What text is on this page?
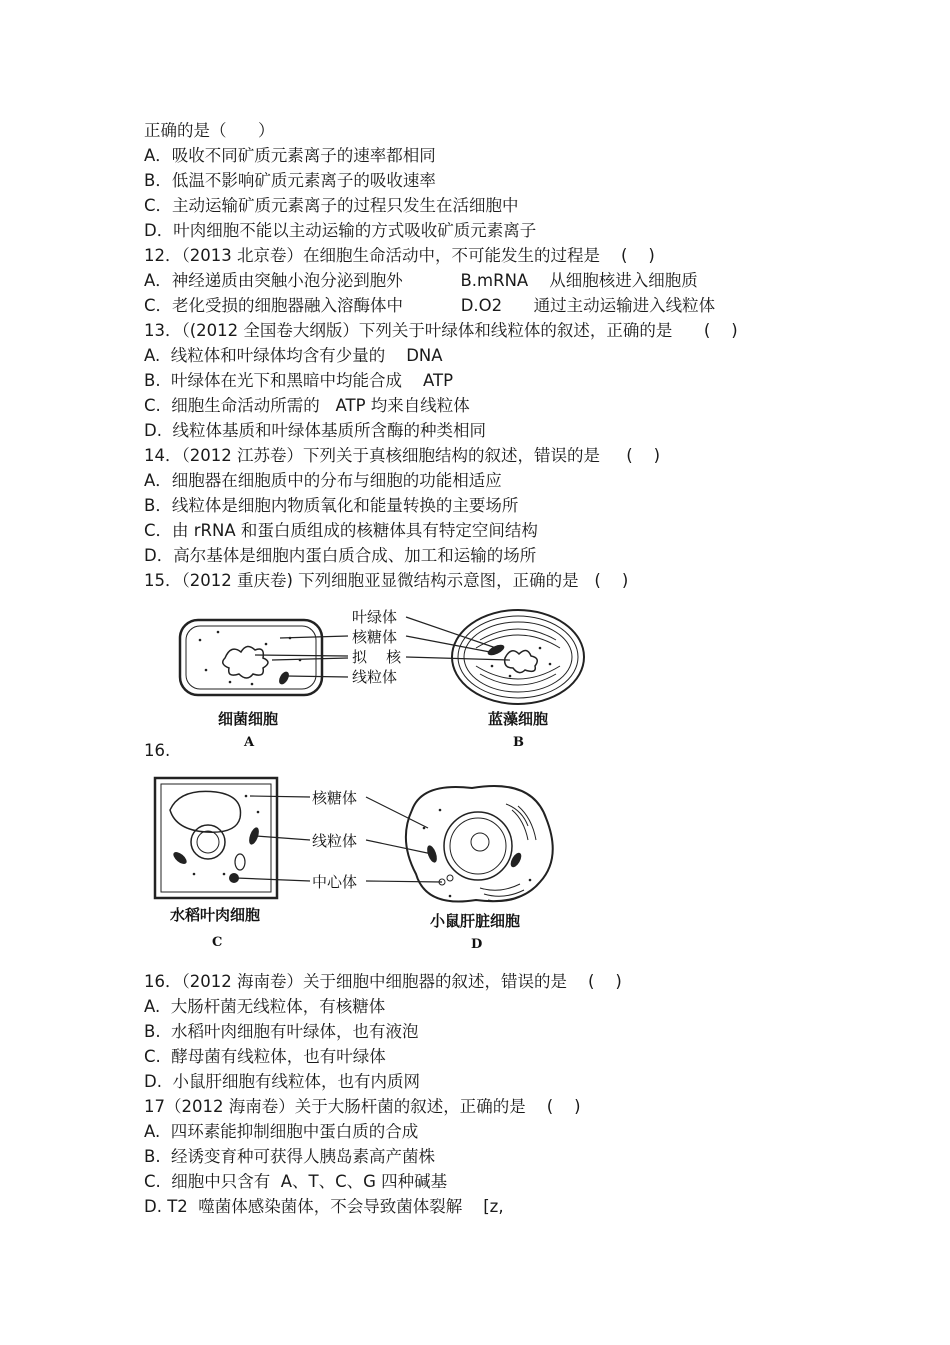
正确的是（      ）
A．吸收不同矿质元素离子的速率都相同
B．低温不影响矿质元素离子的吸收速率
C．主动运输矿质元素离子的过程只发生在活细胞中
D．叶肉细胞不能以主动运输的方式吸收矿质元素离子
12．（2013 北京卷）在细胞生命活动中，不可能发生的过程是    (    )
A．神经递质由突触小泡分泌到胞外           B.mRNA    从细胞核进入细胞质
C．老化受损的细胞器融入溶酶体中           D.O2      通过主动运输进入线粒体
13．（(2012 全国卷大纲版）下列关于叶绿体和线粒体的叙述，正确的是      (    )
A.  线粒体和叶绿体均含有少量的    DNA
B.  叶绿体在光下和黑暗中均能合成    ATP
C.  细胞生命活动所需的   ATP 均来自线粒体
D.  线粒体基质和叶绿体基质所含酶的种类相同
14．（2012 江苏卷）下列关于真核细胞结构的叙述，错误的是     (    )
A．细胞器在细胞质中的分布与细胞的功能相适应
B．线粒体是细胞内物质氧化和能量转换的主要场所
C．由 rRNA 和蛋白质组成的核糖体具有特定空间结构
D．高尔基体是细胞内蛋白质合成、加工和运输的场所
15．（2012 重庆卷) 下列细胞亚显微结构示意图，正确的是   (    )
叶绿体
核糖体
拟    核
线粒体
细菌细胞
A
蓝藻细胞
B
16.
核糖体
线粒体
中心体
水稻叶肉细胞
C
小鼠肝脏细胞
D
16．（2012 海南卷）关于细胞中细胞器的叙述，错误的是    (    )
A.  大肠杆菌无线粒体，有核糖体
B.  水稻叶肉细胞有叶绿体，也有液泡
C.  酵母菌有线粒体，也有叶绿体
D.  小鼠肝细胞有线粒体，也有内质网
17（2012 海南卷）关于大肠杆菌的叙述，正确的是    (    )
A.  四环素能抑制细胞中蛋白质的合成
B.  经诱变育种可获得人胰岛素高产菌株
C.  细胞中只含有  A、T、C、G 四种碱基
D. T2  噬菌体感染菌体，不会导致菌体裂解    [z,
